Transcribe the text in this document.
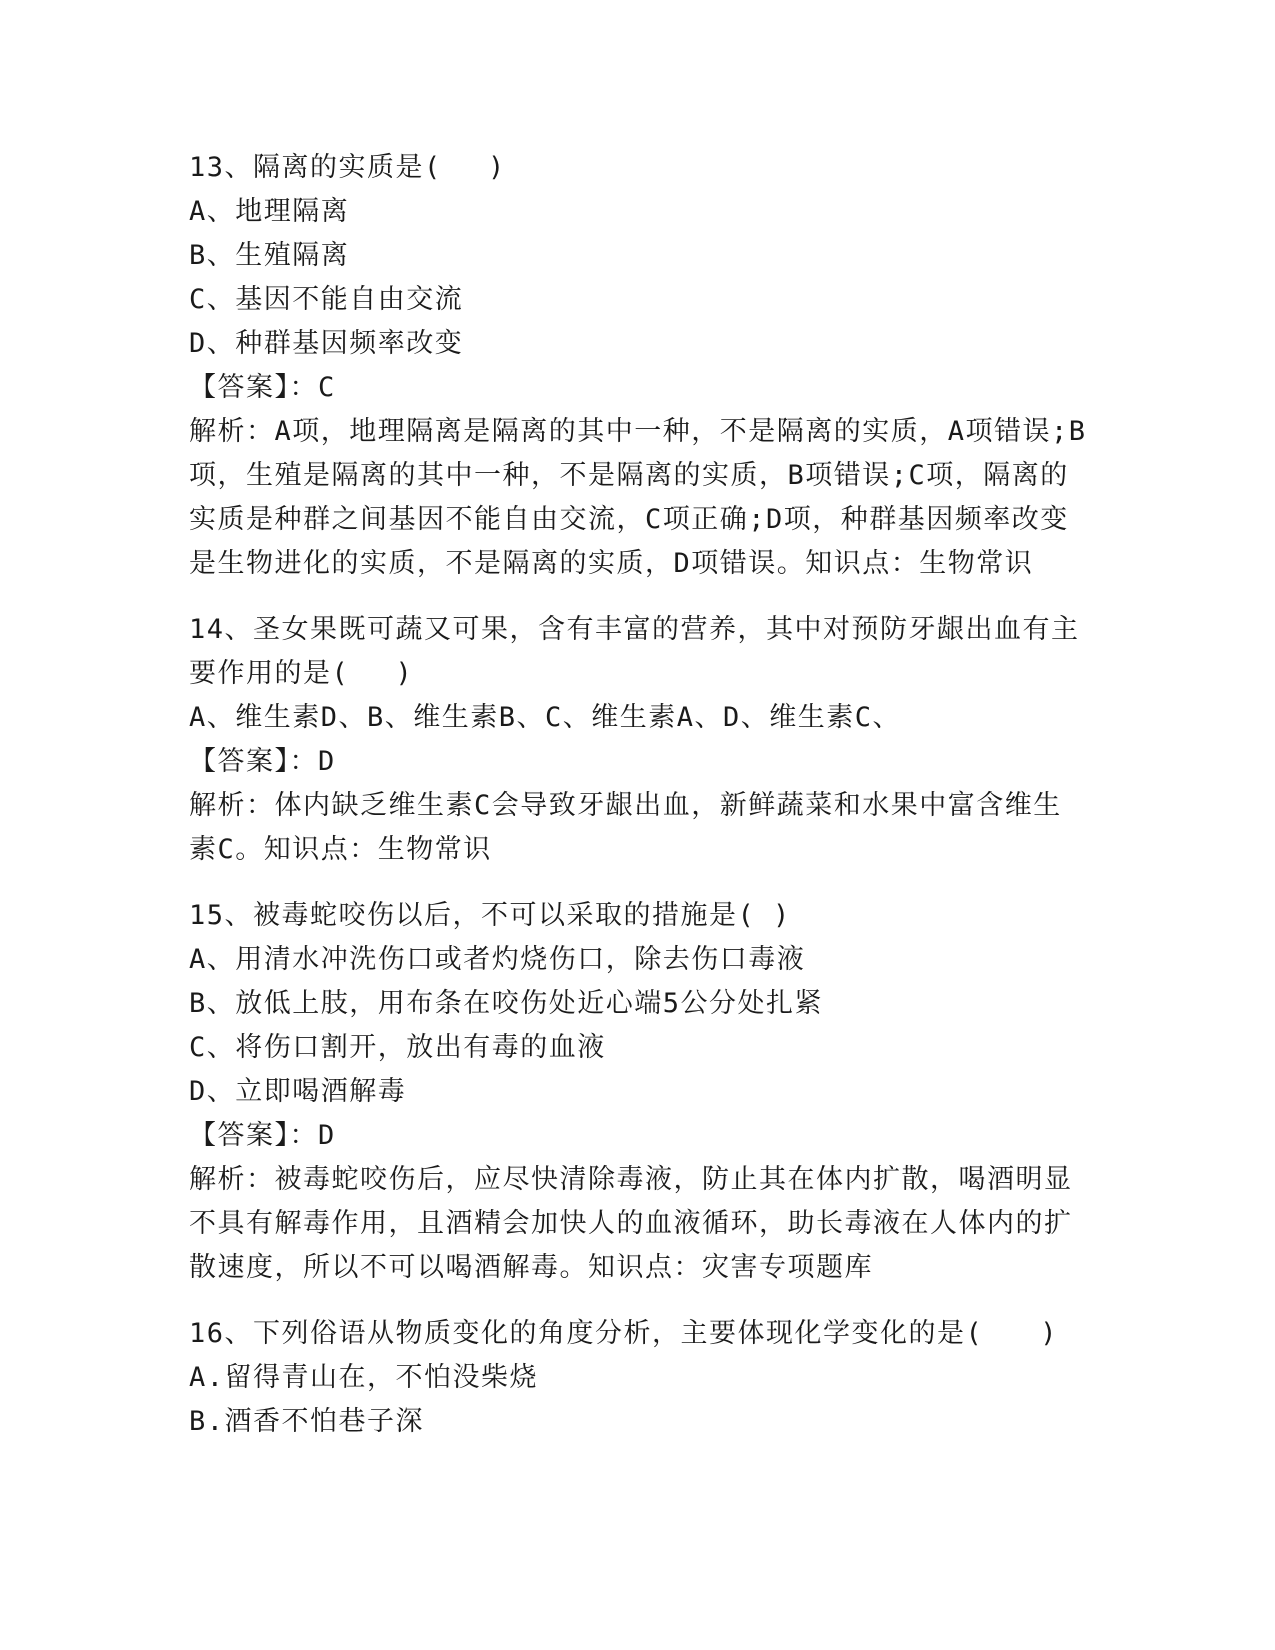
13、隔离的实质是(　 )
A、地理隔离
B、生殖隔离
C、基因不能自由交流
D、种群基因频率改变
【答案】：C
解析：A项，地理隔离是隔离的其中一种，不是隔离的实质，A项错误;B项，生殖是隔离的其中一种，不是隔离的实质，B项错误;C项，隔离的实质是种群之间基因不能自由交流，C项正确;D项，种群基因频率改变是生物进化的实质，不是隔离的实质，D项错误。知识点：生物常识
14、圣女果既可蔬又可果，含有丰富的营养，其中对预防牙龈出血有主要作用的是(　 )
A、维生素D、B、维生素B、C、维生素A、D、维生素C、
【答案】：D
解析：体内缺乏维生素C会导致牙龈出血，新鲜蔬菜和水果中富含维生素C。知识点：生物常识
15、被毒蛇咬伤以后，不可以采取的措施是( )
A、用清水冲洗伤口或者灼烧伤口，除去伤口毒液
B、放低上肢，用布条在咬伤处近心端5公分处扎紧
C、将伤口割开，放出有毒的血液
D、立即喝酒解毒
【答案】：D
解析：被毒蛇咬伤后，应尽快清除毒液，防止其在体内扩散，喝酒明显不具有解毒作用，且酒精会加快人的血液循环，助长毒液在人体内的扩散速度，所以不可以喝酒解毒。知识点：灾害专项题库
16、下列俗语从物质变化的角度分析，主要体现化学变化的是(　　)
A.留得青山在，不怕没柴烧
B.酒香不怕巷子深
